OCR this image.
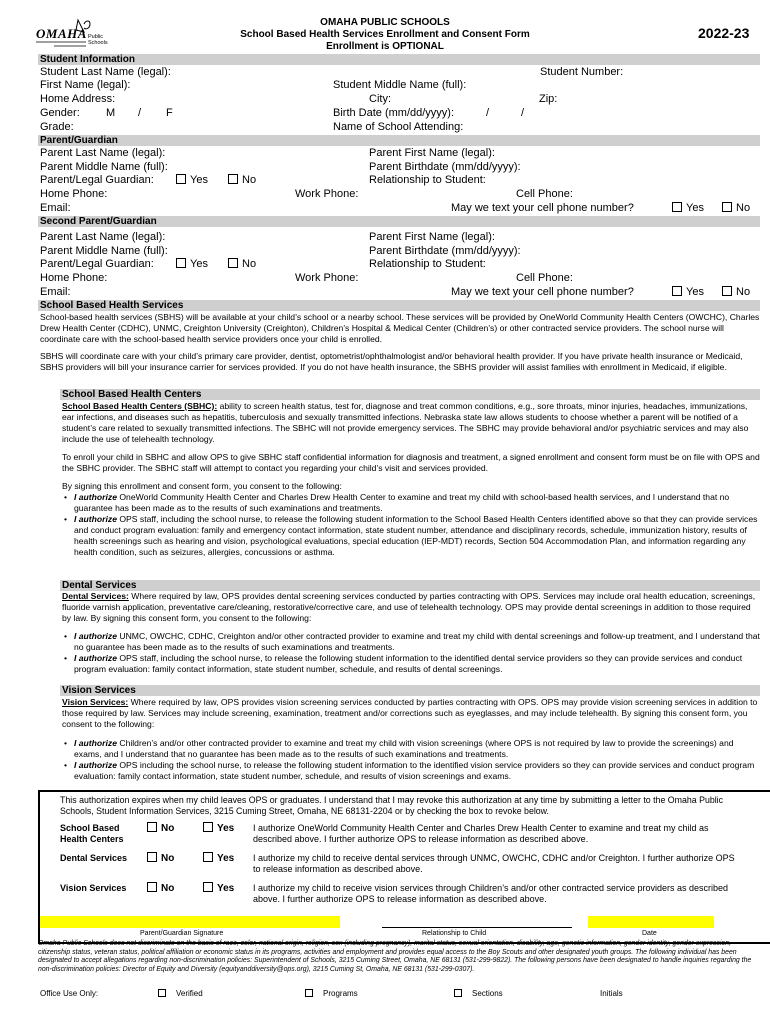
OMAHA Public
Schools
OMAHA PUBLIC SCHOOLS
School Based Health Services Enrollment and Consent Form
Enrollment is OPTIONAL
2022-23
Student Information
Student Last Name (legal):	Student Number:
First Name (legal):	Student Middle Name (full):
Home Address:	City:	Zip:
Gender: M / F	Birth Date (mm/dd/yyyy):	/	/
Grade:	Name of School Attending:
Parent/Guardian
Parent Last Name (legal):	Parent First Name (legal):
Parent Middle Name (full):	Parent Birthdate (mm/dd/yyyy):
Parent/Legal Guardian:	Yes	No	Relationship to Student:
Home Phone:	Work Phone:	Cell Phone:
Email:	May we text your cell phone number?	Yes	No
Second Parent/Guardian
Parent Last Name (legal):	Parent First Name (legal):
Parent Middle Name (full):	Parent Birthdate (mm/dd/yyyy):
Parent/Legal Guardian:	Yes	No	Relationship to Student:
Home Phone:	Work Phone:	Cell Phone:
Email:	May we text your cell phone number?	Yes	No
School Based Health Services
School-based health services (SBHS) will be available at your child’s school or a nearby school. These services will be provided by OneWorld Community Health Centers (OWCHC), Charles Drew Health Center (CDHC), UNMC, Creighton University (Creighton), Children’s Hospital & Medical Center (Children’s) or other contracted service providers. The school nurse will coordinate care with the school-based health service providers once your child is enrolled.
SBHS will coordinate care with your child’s primary care provider, dentist, optometrist/ophthalmologist and/or behavioral health provider. If you have private health insurance or Medicaid, SBHS providers will bill your insurance carrier for services provided. If you do not have health insurance, the SBHS provider will assist families with enrollment in Medicaid, if eligible.
School Based Health Centers
School Based Health Centers (SBHC): ability to screen health status, test for, diagnose and treat common conditions, e.g., sore throats, minor injuries, headaches, immunizations, ear infections, and diseases such as hepatitis, tuberculosis and sexually transmitted infections. Nebraska state law allows students to choose whether a parent will be notified of a student’s care related to sexually transmitted infections. The SBHC will not provide emergency services. The SBHC may provide behavioral and/or psychiatric services and may also include the use of telehealth technology.
To enroll your child in SBHC and allow OPS to give SBHC staff confidential information for diagnosis and treatment, a signed enrollment and consent form must be on file with OPS and the SBHC provider. The SBHC staff will attempt to contact you regarding your child’s visit and services provided.
By signing this enrollment and consent form, you consent to the following:
• I authorize OneWorld Community Health Center and Charles Drew Health Center to examine and treat my child with school-based health services, and I understand that no guarantee has been made as to the results of such examinations and treatments.
• I authorize OPS staff, including the school nurse, to release the following student information to the School Based Health Centers identified above so that they can provide services and conduct program evaluation: family and emergency contact information, state student number, attendance and disciplinary records, schedule, immunization history, results of health screenings such as hearing and vision, psychological evaluations, special education (IEP-MDT) records, Section 504 Accommodation Plan, and information regarding any health condition, such as seizures, allergies, concussions or asthma.
Dental Services
Dental Services: Where required by law, OPS provides dental screening services conducted by parties contracting with OPS. Services may include oral health education, screenings, fluoride varnish application, preventative care/cleaning, restorative/corrective care, and use of telehealth technology. OPS may provide dental screenings in addition to those required by law. By signing this consent form, you consent to the following:
• I authorize UNMC, OWCHC, CDHC, Creighton and/or other contracted provider to examine and treat my child with dental screenings and follow-up treatment, and I understand that no guarantee has been made as to the results of such examinations and treatments.
• I authorize OPS staff, including the school nurse, to release the following student information to the identified dental service providers so they can provide services and conduct program evaluation: family contact information, state student number, schedule, and results of dental screenings.
Vision Services
Vision Services: Where required by law, OPS provides vision screening services conducted by parties contracting with OPS. OPS may provide vision screening services in addition to those required by law. Services may include screening, examination, treatment and/or corrections such as eyeglasses, and may include telehealth. By signing this consent form, you consent to the following:
• I authorize Children’s and/or other contracted provider to examine and treat my child with vision screenings (where OPS is not required by law to provide the screenings) and exams, and I understand that no guarantee has been made as to the results of such examinations and treatments.
• I authorize OPS including the school nurse, to release the following student information to the identified vision service providers so they can provide services and conduct program evaluation: family contact information, state student number, schedule, and results of vision screenings and exams.
This authorization expires when my child leaves OPS or graduates. I understand that I may revoke this authorization at any time by submitting a letter to the Omaha Public Schools, Student Information Services, 3215 Cuming Street, Omaha, NE 68131-2204 or by checking the box to revoke below.
School Based Health Centers
No	Yes I authorize OneWorld Community Health Center and Charles Drew Health Center to examine and treat my child as described above. I further authorize OPS to release information as described above.
Dental Services	No	Yes I authorize my child to receive dental services through UNMC, OWCHC, CDHC and/or Creighton. I further authorize OPS to release information as described above.
Vision Services	No	Yes I authorize my child to receive vision services through Children’s and/or other contracted service providers as described above. I further authorize OPS to release information as described above.
Parent/Guardian Signature	Relationship to Child	Date
Omaha Public Schools does not discriminate on the basis of race, color, national origin, religion, sex (including pregnancy), marital status, sexual orientation, disability, age, genetic information, gender identity, gender expression, citizenship status, veteran status, political affiliation or economic status in its programs, activities and employment and provides equal access to the Boy Scouts and other designated youth groups. The following individual has been designated to accept allegations regarding non-discrimination policies: Superintendent of Schools, 3215 Cuming Street, Omaha, NE 68131 (531-299-9822). The following persons have been designated to handle inquiries regarding the non-discrimination policies: Director of Equity and Diversity (equityanddiversity@ops.org), 3215 Cuming St, Omaha, NE 68131 (531-299-0307).
Office Use Only:	Verified	Programs	Sections	Initials
